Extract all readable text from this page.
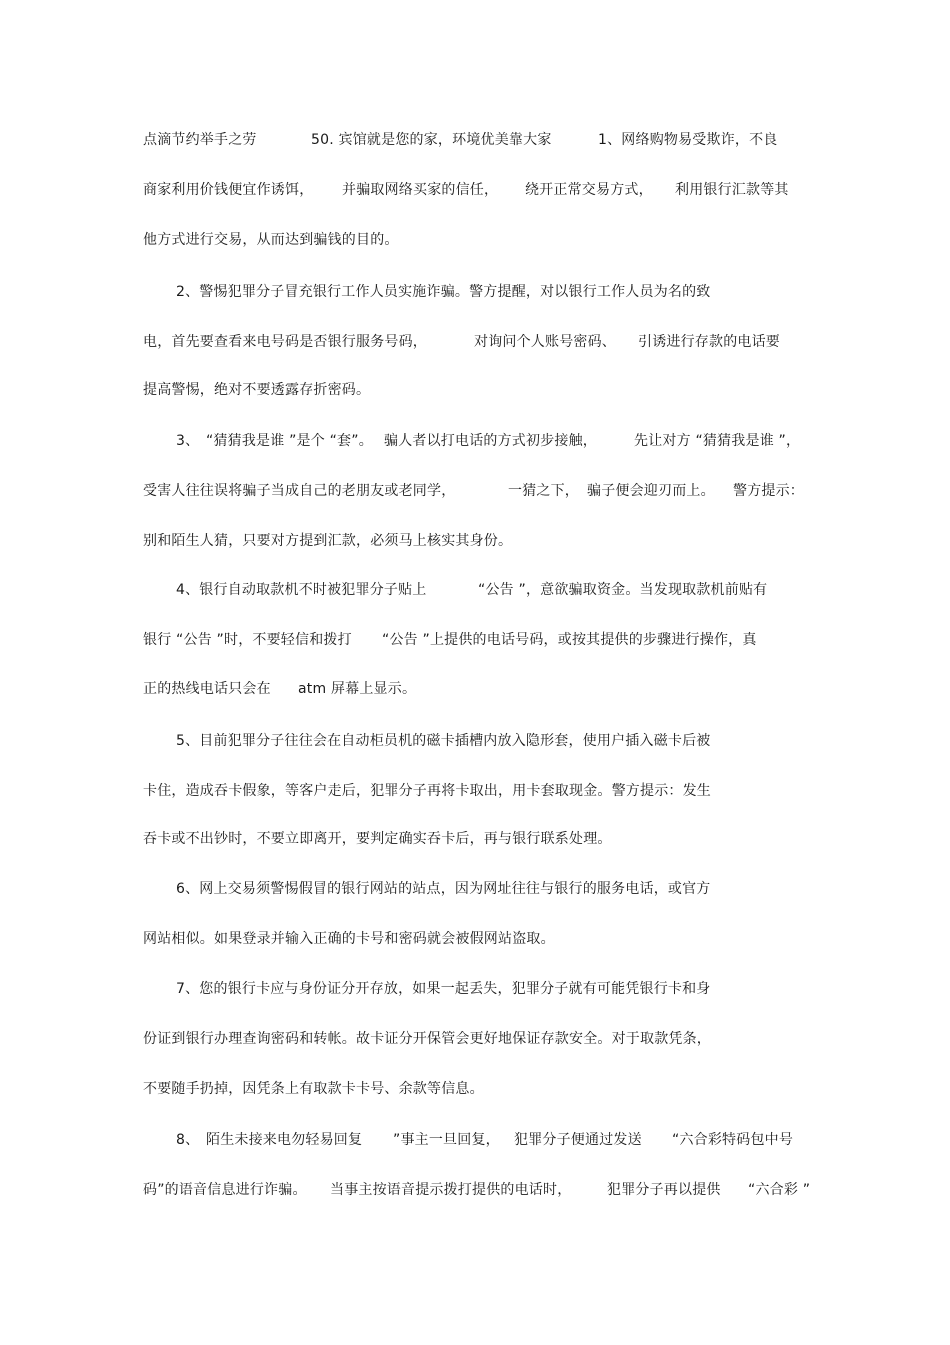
点滴节约举手之劳	50. 宾馆就是您的家，环境优美靠大家	1、网络购物易受欺诈，不良
商家利用价钱便宜作诱饵， 并骗取网络买家的信任， 绕开正常交易方式， 利用银行汇款等其
他方式进行交易，从而达到骗钱的目的。
2、警惕犯罪分子冒充银行工作人员实施诈骗。警方提醒，对以银行工作人员为名的致
电，首先要查看来电号码是否银行服务号码，	对询问个人账号密码、 引诱进行存款的电话要
提高警惕，绝对不要透露存折密码。
3、 “猜猜我是谁 ”是个 “套”。 骗人者以打电话的方式初步接触，	先让对方 “猜猜我是谁 ”，
受害人往往误将骗子当成自己的老朋友或老同学，	一猜之下， 骗子便会迎刃而上。 警方提示：
别和陌生人猜，只要对方提到汇款，必须马上核实其身份。
4、银行自动取款机不时被犯罪分子贴上	“公告 ”，意欲骗取资金。当发现取款机前贴有
银行 “公告 ”时，不要轻信和拨打 “公告 ”上提供的电话号码，或按其提供的步骤进行操作，真
正的热线电话只会在 atm 屏幕上显示。
5、目前犯罪分子往往会在自动柜员机的磁卡插槽内放入隐形套，使用户插入磁卡后被
卡住，造成吞卡假象，等客户走后，犯罪分子再将卡取出，用卡套取现金。警方提示：发生
吞卡或不出钞时，不要立即离开，要判定确实吞卡后，再与银行联系处理。
6、网上交易须警惕假冒的银行网站的站点，因为网址往往与银行的服务电话，或官方
网站相似。如果登录并输入正确的卡号和密码就会被假网站盗取。
7、您的银行卡应与身份证分开存放，如果一起丢失，犯罪分子就有可能凭银行卡和身
份证到银行办理查询密码和转帐。故卡证分开保管会更好地保证存款安全。对于取款凭条，
不要随手扔掉，因凭条上有取款卡卡号、余款等信息。
8、 陌生未接来电勿轻易回复 ”事主一旦回复， 犯罪分子便通过发送 “六合彩特码包中号
码”的语音信息进行诈骗。 当事主按语音提示拨打提供的电话时，	犯罪分子再以提供 “六合彩 ”
